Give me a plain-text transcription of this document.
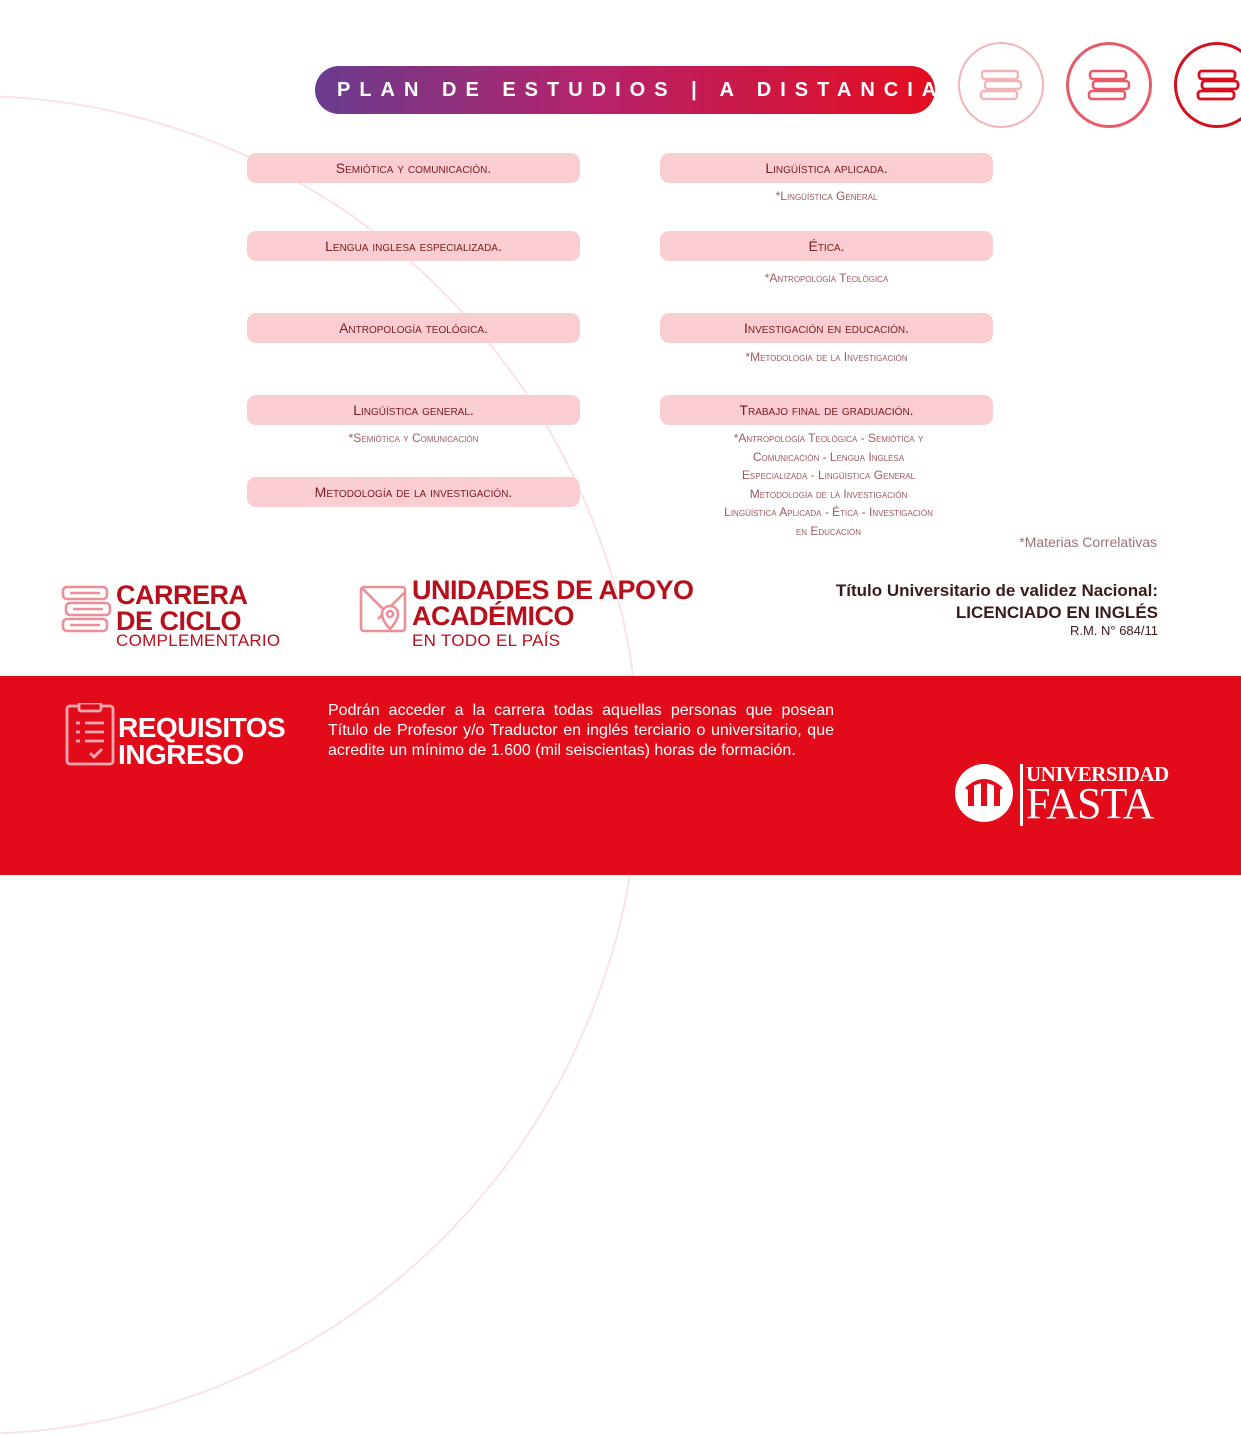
PLAN DE ESTUDIOS | A DISTANCIA
Semiótica y comunicación.
Lengua inglesa especializada.
Antropología teológica.
Lingüística general.
*Semiótica y Comunicación
Metodología de la investigación.
Lingüística aplicada.
*Lingüística General
Ética.
*Antropología Teológica
Investigación en educación.
*Metodología de la Investigación
Trabajo final de graduación.
*Antropología Teológica - Semiótica y
Comunicación - Lengua Inglesa
Especializada - Lingüística General
Metodología de la Investigación
Lingüística Aplicada - Ética - Investigación
en Educación
*Materias Correlativas
CARRERA
DE CICLO
COMPLEMENTARIO
UNIDADES DE APOYO
ACADÉMICO
EN TODO EL PAÍS
Título Universitario de validez Nacional:
LICENCIADO EN INGLÉS
R.M. N° 684/11
REQUISITOS
INGRESO
Podrán acceder a la carrera todas aquellas personas que posean Título de Profesor y/o Traductor en inglés terciario o universitario, que acredite un mínimo de 1.600 (mil seiscientas) horas de formación.
UNIVERSIDAD
FASTA
